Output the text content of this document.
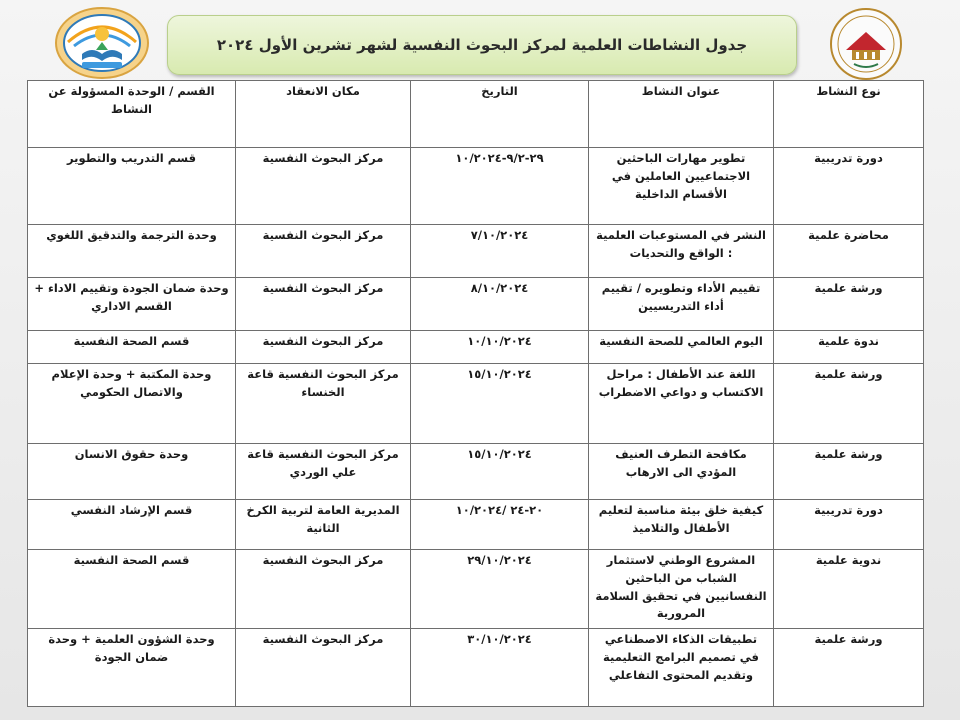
جدول النشاطات العلمية لمركز البحوث النفسية لشهر تشرين الأول ٢٠٢٤
نوع النشاط	عنوان النشاط	التاريخ	مكان الانعقاد	القسم / الوحدة المسؤولة عن النشاط
دورة تدريبية	تطوير مهارات الباحثين الاجتماعيين العاملين في الأقسام الداخلية	٢٩-٩/٢-١٠/٢٠٢٤	مركز البحوث النفسية	قسم التدريب والتطوير
محاضرة علمية	النشر في المستوعبات العلمية : الواقع والتحديات	٧/١٠/٢٠٢٤	مركز البحوث النفسية	وحدة الترجمة والتدقيق اللغوي
ورشة علمية	تقييم الأداء وتطويره / تقييم أداء التدريسيين	٨/١٠/٢٠٢٤	مركز البحوث النفسية	وحدة ضمان الجودة وتقييم الاداء + القسم الاداري
ندوة علمية	اليوم العالمي للصحة النفسية	١٠/١٠/٢٠٢٤	مركز البحوث النفسية	قسم الصحة النفسية
ورشة علمية	اللغة عند الأطفال : مراحل الاكتساب و دواعي الاضطراب	١٥/١٠/٢٠٢٤	مركز البحوث النفسية قاعة الخنساء	وحدة المكتبة + وحدة الإعلام والاتصال الحكومي
ورشة علمية	مكافحة التطرف العنيف المؤدي الى الارهاب	١٥/١٠/٢٠٢٤	مركز البحوث النفسية قاعة علي الوردي	وحدة حقوق الانسان
دورة تدريبية	كيفية خلق بيئة مناسبة لتعليم الأطفال والتلاميذ	٢٠-٢٤ /١٠/٢٠٢٤	المديرية العامة لتربية الكرخ الثانية	قسم الإرشاد النفسي
ندوية علمية	المشروع الوطني لاستثمار الشباب من الباحثين النفسانيين في تحقيق السلامة المرورية	٢٩/١٠/٢٠٢٤	مركز البحوث النفسية	قسم الصحة النفسية
ورشة علمية	تطبيقات الذكاء الاصطناعي في تصميم البرامج التعليمية وتقديم المحتوى التفاعلي	٣٠/١٠/٢٠٢٤	مركز البحوث النفسية	وحدة الشؤون العلمية + وحدة ضمان الجودة
